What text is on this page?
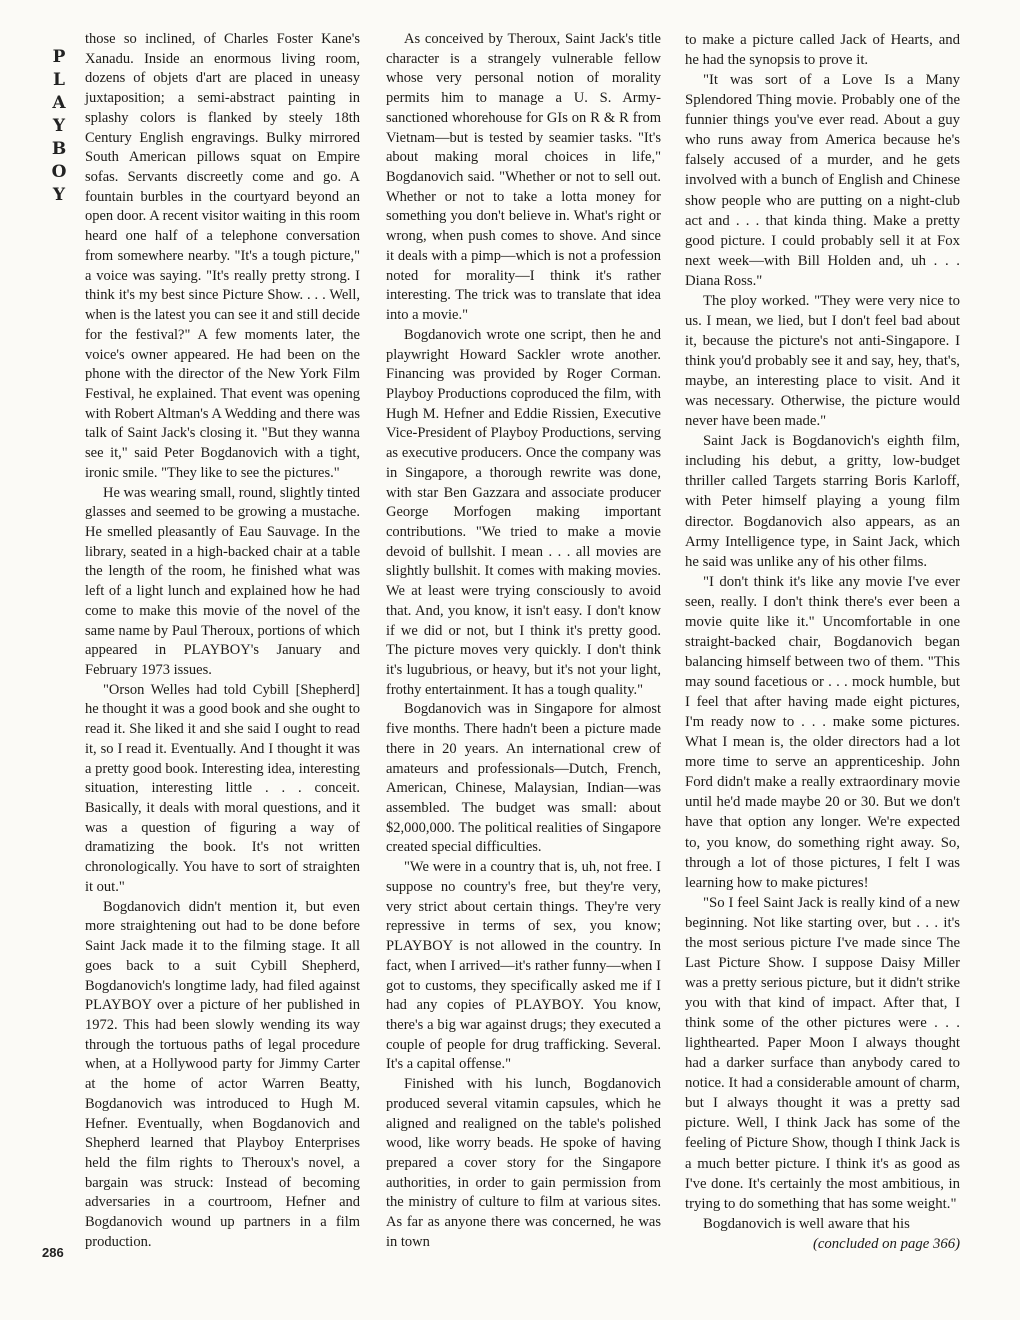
P
L
A
Y
B
O
Y

those so inclined, of Charles Foster Kane's Xanadu. Inside an enormous living room, dozens of objets d'art are placed in uneasy juxtaposition; a semi-abstract painting in splashy colors is flanked by steely 18th Century English engravings. Bulky mirrored South American pillows squat on Empire sofas. Servants discreetly come and go. A fountain burbles in the courtyard beyond an open door. A recent visitor waiting in this room heard one half of a telephone conversation from somewhere nearby. "It's a tough picture," a voice was saying. "It's really pretty strong. I think it's my best since Picture Show. . . . Well, when is the latest you can see it and still decide for the festival?" A few moments later, the voice's owner appeared. He had been on the phone with the director of the New York Film Festival, he explained. That event was opening with Robert Altman's A Wedding and there was talk of Saint Jack's closing it. "But they wanna see it," said Peter Bogdanovich with a tight, ironic smile. "They like to see the pictures."

He was wearing small, round, slightly tinted glasses and seemed to be growing a mustache. He smelled pleasantly of Eau Sauvage. In the library, seated in a high-backed chair at a table the length of the room, he finished what was left of a light lunch and explained how he had come to make this movie of the novel of the same name by Paul Theroux, portions of which appeared in PLAYBOY's January and February 1973 issues.

"Orson Welles had told Cybill [Shepherd] he thought it was a good book and she ought to read it. She liked it and she said I ought to read it, so I read it. Eventually. And I thought it was a pretty good book. Interesting idea, interesting situation, interesting little . . . conceit. Basically, it deals with moral questions, and it was a question of figuring a way of dramatizing the book. It's not written chronologically. You have to sort of straighten it out."

Bogdanovich didn't mention it, but even more straightening out had to be done before Saint Jack made it to the filming stage. It all goes back to a suit Cybill Shepherd, Bogdanovich's longtime lady, had filed against PLAYBOY over a picture of her published in 1972. This had been slowly wending its way through the tortuous paths of legal procedure when, at a Hollywood party for Jimmy Carter at the home of actor Warren Beatty, Bogdanovich was introduced to Hugh M. Hefner. Eventually, when Bogdanovich and Shepherd learned that Playboy Enterprises held the film rights to Theroux's novel, a bargain was struck: Instead of becoming adversaries in a courtroom, Hefner and Bogdanovich wound up partners in a film production.

As conceived by Theroux, Saint Jack's title character is a strangely vulnerable fellow whose very personal notion of morality permits him to manage a U. S. Army-sanctioned whorehouse for GIs on R & R from Vietnam—but is tested by seamier tasks. "It's about making moral choices in life," Bogdanovich said. "Whether or not to sell out. Whether or not to take a lotta money for something you don't believe in. What's right or wrong, when push comes to shove. And since it deals with a pimp—which is not a profession noted for morality—I think it's rather interesting. The trick was to translate that idea into a movie."

Bogdanovich wrote one script, then he and playwright Howard Sackler wrote another. Financing was provided by Roger Corman. Playboy Productions coproduced the film, with Hugh M. Hefner and Eddie Rissien, Executive Vice-President of Playboy Productions, serving as executive producers. Once the company was in Singapore, a thorough rewrite was done, with star Ben Gazzara and associate producer George Morfogen making important contributions. "We tried to make a movie devoid of bullshit. I mean . . . all movies are slightly bullshit. It comes with making movies. We at least were trying consciously to avoid that. And, you know, it isn't easy. I don't know if we did or not, but I think it's pretty good. The picture moves very quickly. I don't think it's lugubrious, or heavy, but it's not your light, frothy entertainment. It has a tough quality."

Bogdanovich was in Singapore for almost five months. There hadn't been a picture made there in 20 years. An international crew of amateurs and professionals—Dutch, French, American, Chinese, Malaysian, Indian—was assembled. The budget was small: about $2,000,000. The political realities of Singapore created special difficulties.

"We were in a country that is, uh, not free. I suppose no country's free, but they're very, very strict about certain things. They're very repressive in terms of sex, you know; PLAYBOY is not allowed in the country. In fact, when I arrived—it's rather funny—when I got to customs, they specifically asked me if I had any copies of PLAYBOY. You know, there's a big war against drugs; they executed a couple of people for drug trafficking. Several. It's a capital offense."

Finished with his lunch, Bogdanovich produced several vitamin capsules, which he aligned and realigned on the table's polished wood, like worry beads. He spoke of having prepared a cover story for the Singapore authorities, in order to gain permission from the ministry of culture to film at various sites. As far as anyone there was concerned, he was in town

to make a picture called Jack of Hearts, and he had the synopsis to prove it.

"It was sort of a Love Is a Many Splendored Thing movie. Probably one of the funnier things you've ever read. About a guy who runs away from America because he's falsely accused of a murder, and he gets involved with a bunch of English and Chinese show people who are putting on a night-club act and . . . that kinda thing. Make a pretty good picture. I could probably sell it at Fox next week—with Bill Holden and, uh . . . Diana Ross."

The ploy worked. "They were very nice to us. I mean, we lied, but I don't feel bad about it, because the picture's not anti-Singapore. I think you'd probably see it and say, hey, that's, maybe, an interesting place to visit. And it was necessary. Otherwise, the picture would never have been made."

Saint Jack is Bogdanovich's eighth film, including his debut, a gritty, low-budget thriller called Targets starring Boris Karloff, with Peter himself playing a young film director. Bogdanovich also appears, as an Army Intelligence type, in Saint Jack, which he said was unlike any of his other films.

"I don't think it's like any movie I've ever seen, really. I don't think there's ever been a movie quite like it." Uncomfortable in one straight-backed chair, Bogdanovich began balancing himself between two of them. "This may sound facetious or . . . mock humble, but I feel that after having made eight pictures, I'm ready now to . . . make some pictures. What I mean is, the older directors had a lot more time to serve an apprenticeship. John Ford didn't make a really extraordinary movie until he'd made maybe 20 or 30. But we don't have that option any longer. We're expected to, you know, do something right away. So, through a lot of those pictures, I felt I was learning how to make pictures!

"So I feel Saint Jack is really kind of a new beginning. Not like starting over, but . . . it's the most serious picture I've made since The Last Picture Show. I suppose Daisy Miller was a pretty serious picture, but it didn't strike you with that kind of impact. After that, I think some of the other pictures were . . . lighthearted. Paper Moon I always thought had a darker surface than anybody cared to notice. It had a considerable amount of charm, but I always thought it was a pretty sad picture. Well, I think Jack has some of the feeling of Picture Show, though I think Jack is a much better picture. I think it's as good as I've done. It's certainly the most ambitious, in trying to do something that has some weight."

Bogdanovich is well aware that his

(concluded on page 366)

286
